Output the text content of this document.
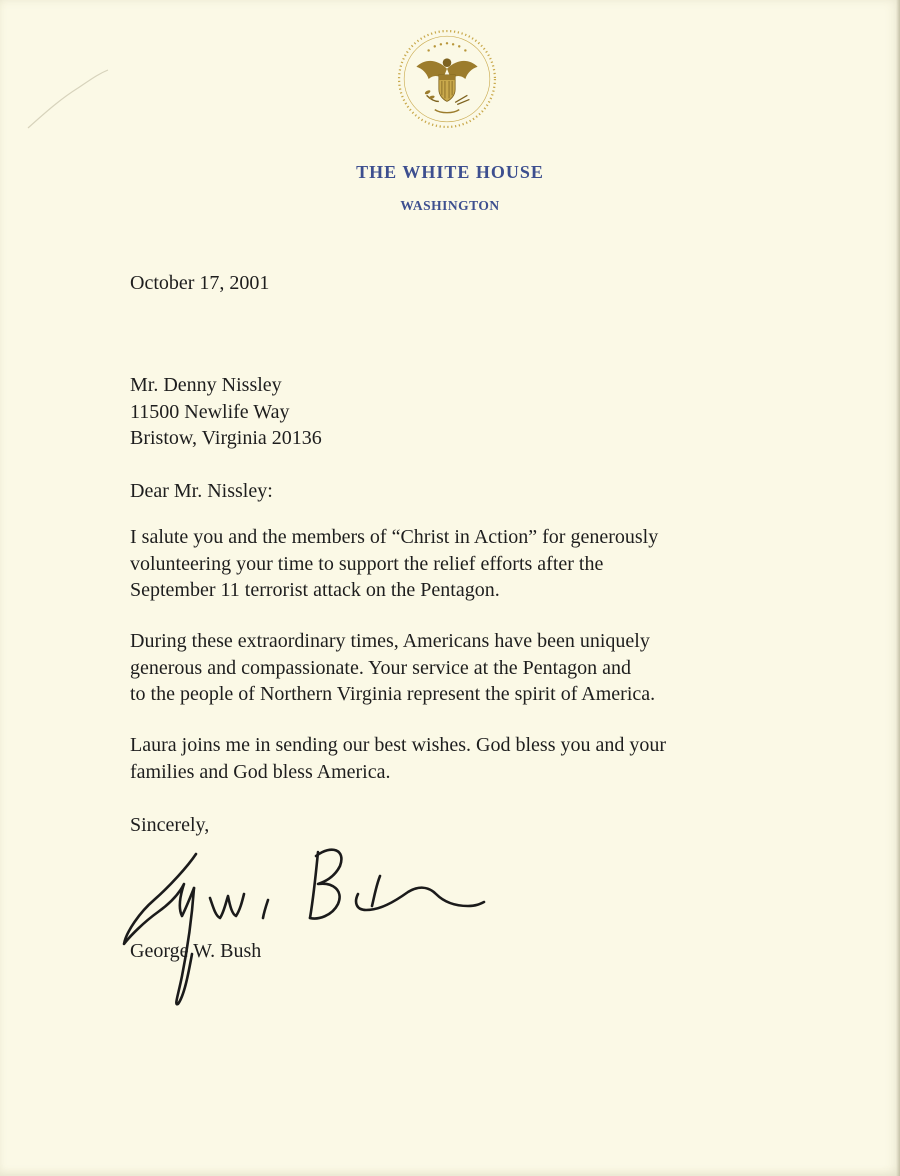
THE WHITE HOUSE
WASHINGTON
October 17, 2001
Mr. Denny Nissley
11500 Newlife Way
Bristow, Virginia 20136
Dear Mr. Nissley:
I salute you and the members of “Christ in Action” for generously
volunteering your time to support the relief efforts after the
September 11 terrorist attack on the Pentagon.
During these extraordinary times, Americans have been uniquely
generous and compassionate. Your service at the Pentagon and
to the people of Northern Virginia represent the spirit of America.
Laura joins me in sending our best wishes. God bless you and your
families and God bless America.
Sincerely,
George W. Bush
